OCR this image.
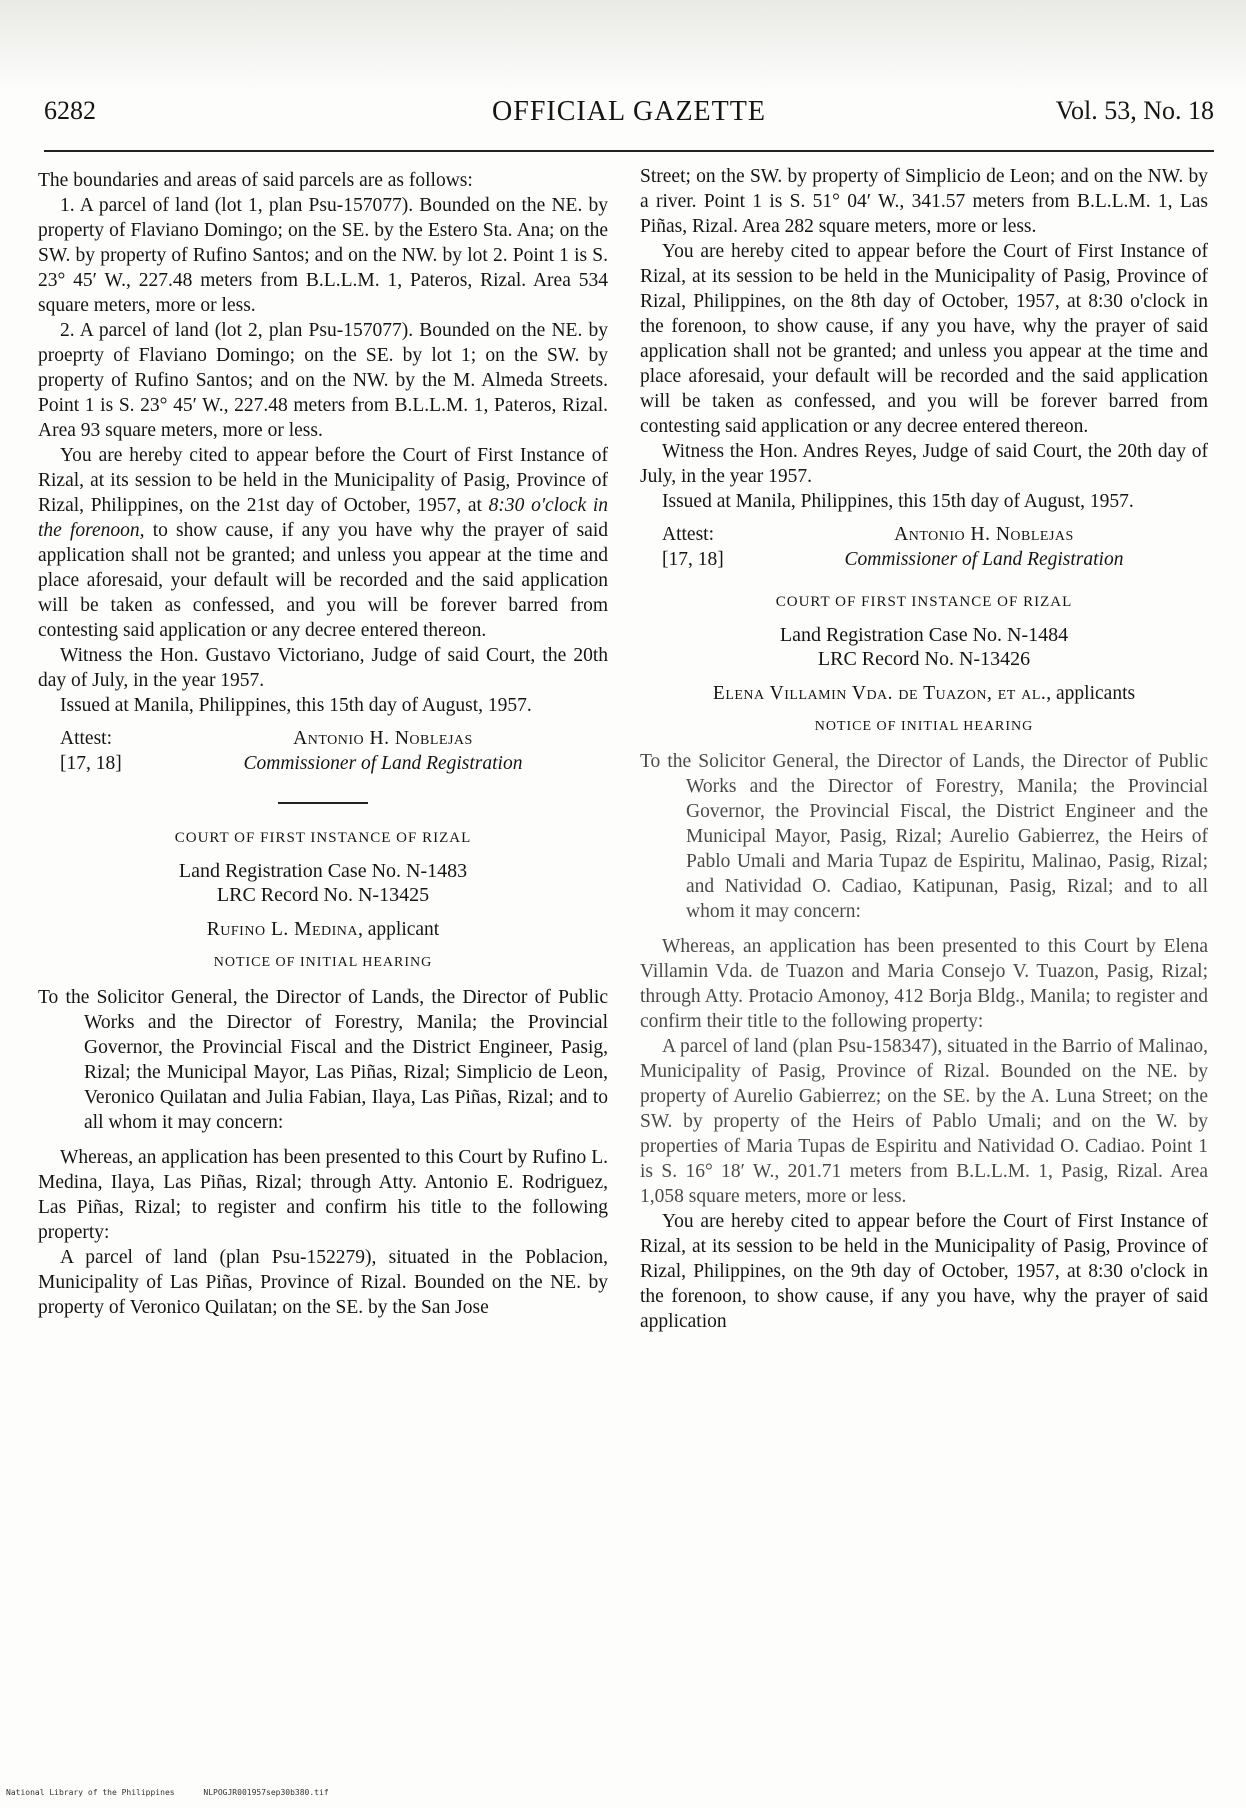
OFFICIAL GAZETTE
6282	Vol. 53, No. 18

The boundaries and areas of said parcels are as follows:

1. A parcel of land (lot 1, plan Psu-157077). Bounded on the NE. by property of Flaviano Domingo; on the SE. by the Estero Sta. Ana; on the SW. by property of Rufino Santos; and on the NW. by lot 2. Point 1 is S. 23° 45′ W., 227.48 meters from B.L.L.M. 1, Pateros, Rizal. Area 534 square meters, more or less.

2. A parcel of land (lot 2, plan Psu-157077). Bounded on the NE. by proeprty of Flaviano Domingo; on the SE. by lot 1; on the SW. by property of Rufino Santos; and on the NW. by the M. Almeda Streets. Point 1 is S. 23° 45′ W., 227.48 meters from B.L.L.M. 1, Pateros, Rizal. Area 93 square meters, more or less.

You are hereby cited to appear before the Court of First Instance of Rizal, at its session to be held in the Municipality of Pasig, Province of Rizal, Philippines, on the 21st day of October, 1957, at 8:30 o'clock in the forenoon, to show cause, if any you have why the prayer of said application shall not be granted; and unless you appear at the time and place aforesaid, your default will be recorded and the said application will be taken as confessed, and you will be forever barred from contesting said application or any decree entered thereon.

Witness the Hon. Gustavo Victoriano, Judge of said Court, the 20th day of July, in the year 1957.

Issued at Manila, Philippines, this 15th day of August, 1957.

Attest:	Antonio H. Noblejas
[17, 18]	Commissioner of Land Registration
COURT OF FIRST INSTANCE OF RIZAL
Land Registration Case No. N-1483
LRC Record No. N-13425
Rufino L. Medina, applicant
NOTICE OF INITIAL HEARING

To the Solicitor General, the Director of Lands, the Director of Public Works and the Director of Forestry, Manila; the Provincial Governor, the Provincial Fiscal and the District Engineer, Pasig, Rizal; the Municipal Mayor, Las Piñas, Rizal; Simplicio de Leon, Veronico Quilatan and Julia Fabian, Ilaya, Las Piñas, Rizal; and to all whom it may concern:

Whereas, an application has been presented to this Court by Rufino L. Medina, Ilaya, Las Piñas, Rizal; through Atty. Antonio E. Rodriguez, Las Piñas, Rizal; to register and confirm his title to the following property:

A parcel of land (plan Psu-152279), situated in the Poblacion, Municipality of Las Piñas, Province of Rizal. Bounded on the NE. by property of Veronico Quilatan; on the SE. by the San Jose

Street; on the SW. by property of Simplicio de Leon; and on the NW. by a river. Point 1 is S. 51° 04′ W., 341.57 meters from B.L.L.M. 1, Las Piñas, Rizal. Area 282 square meters, more or less.

You are hereby cited to appear before the Court of First Instance of Rizal, at its session to be held in the Municipality of Pasig, Province of Rizal, Philippines, on the 8th day of October, 1957, at 8:30 o'clock in the forenoon, to show cause, if any you have, why the prayer of said application shall not be granted; and unless you appear at the time and place aforesaid, your default will be recorded and the said application will be taken as confessed, and you will be forever barred from contesting said application or any decree entered thereon.

Witness the Hon. Andres Reyes, Judge of said Court, the 20th day of July, in the year 1957.

Issued at Manila, Philippines, this 15th day of August, 1957.

Attest:	Antonio H. Noblejas
[17, 18]	Commissioner of Land Registration
COURT OF FIRST INSTANCE OF RIZAL
Land Registration Case No. N-1484
LRC Record No. N-13426
Elena Villamin Vda. de Tuazon, et al., applicants
NOTICE OF INITIAL HEARING

To the Solicitor General, the Director of Lands, the Director of Public Works and the Director of Forestry, Manila; the Provincial Governor, the Provincial Fiscal, the District Engineer and the Municipal Mayor, Pasig, Rizal; Aurelio Gabierrez, the Heirs of Pablo Umali and Maria Tupaz de Espiritu, Malinao, Pasig, Rizal; and Natividad O. Cadiao, Katipunan, Pasig, Rizal; and to all whom it may concern:

Whereas, an application has been presented to this Court by Elena Villamin Vda. de Tuazon and Maria Consejo V. Tuazon, Pasig, Rizal; through Atty. Protacio Amonoy, 412 Borja Bldg., Manila; to register and confirm their title to the following property:

A parcel of land (plan Psu-158347), situated in the Barrio of Malinao, Municipality of Pasig, Province of Rizal. Bounded on the NE. by property of Aurelio Gabierrez; on the SE. by the A. Luna Street; on the SW. by property of the Heirs of Pablo Umali; and on the W. by properties of Maria Tupas de Espiritu and Natividad O. Cadiao. Point 1 is S. 16° 18′ W., 201.71 meters from B.L.L.M. 1, Pasig, Rizal. Area 1,058 square meters, more or less.

You are hereby cited to appear before the Court of First Instance of Rizal, at its session to be held in the Municipality of Pasig, Province of Rizal, Philippines, on the 9th day of October, 1957, at 8:30 o'clock in the forenoon, to show cause, if any you have, why the prayer of said application

National Library of the Philippines	NLPOGJR001957sep30b380.tif
